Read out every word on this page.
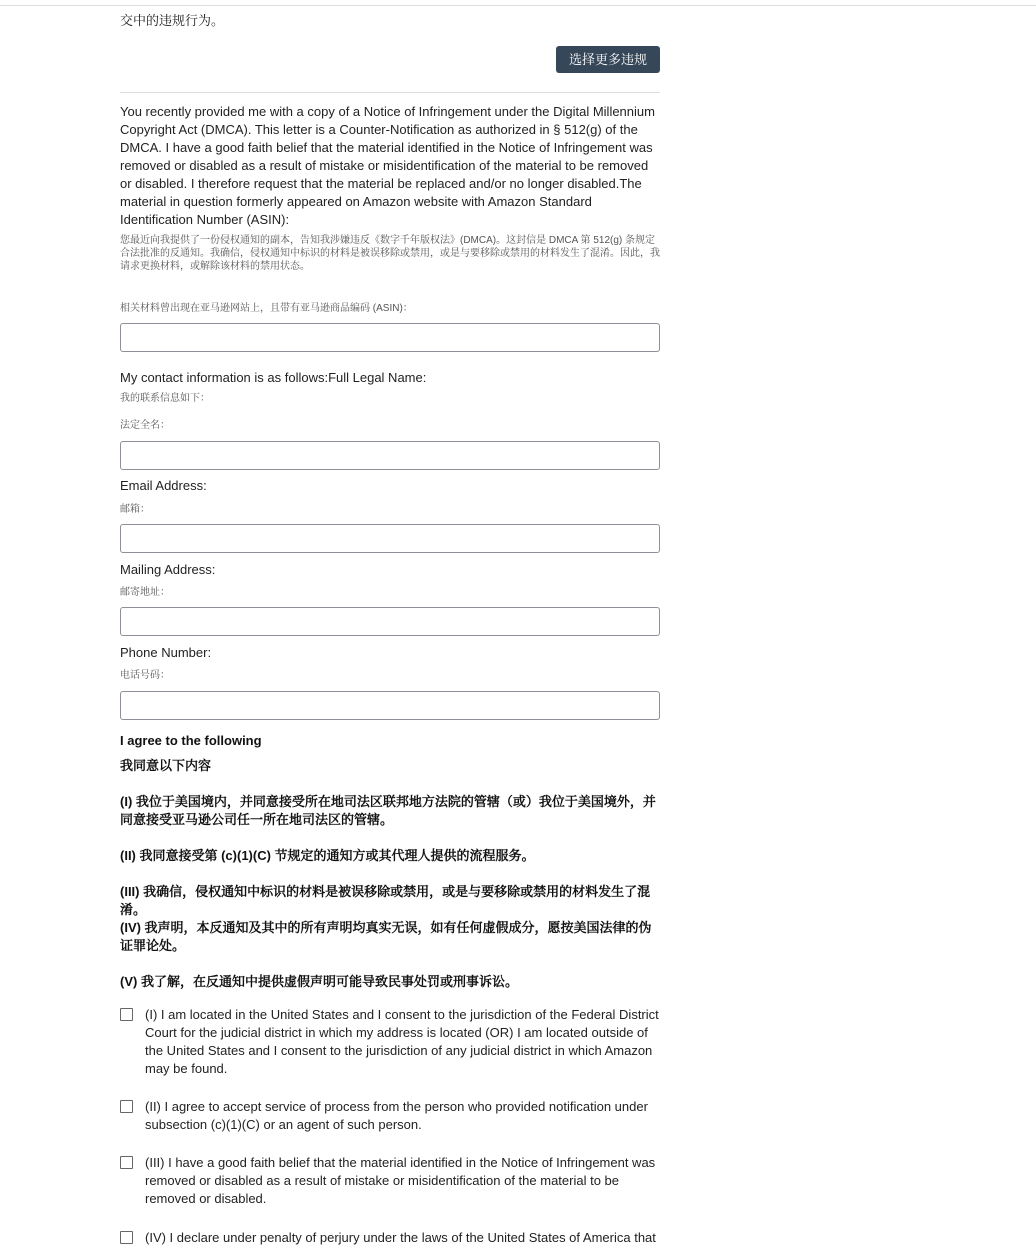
交中的违规行为。

选择更多违规

You recently provided me with a copy of a Notice of Infringement under the Digital Millennium Copyright Act (DMCA). This letter is a Counter-Notification as authorized in § 512(g) of the DMCA. I have a good faith belief that the material identified in the Notice of Infringement was removed or disabled as a result of mistake or misidentification of the material to be removed or disabled. I therefore request that the material be replaced and/or no longer disabled.The material in question formerly appeared on Amazon website with Amazon Standard Identification Number (ASIN):

您最近向我提供了一份侵权通知的副本，告知我涉嫌违反《数字千年版权法》(DMCA)。这封信是 DMCA 第 512(g) 条规定合法批准的反通知。我确信，侵权通知中标识的材料是被误移除或禁用，或是与要移除或禁用的材料发生了混淆。因此，我请求更换材料，或解除该材料的禁用状态。

相关材料曾出现在亚马逊网站上，且带有亚马逊商品编码 (ASIN)：

My contact information is as follows:Full Legal Name:

我的联系信息如下：

法定全名：

Email Address:

邮箱：

Mailing Address:

邮寄地址：

Phone Number:

电话号码：

I agree to the following

我同意以下内容

(I) 我位于美国境内，并同意接受所在地司法区联邦地方法院的管辖（或）我位于美国境外，并同意接受亚马逊公司任一所在地司法区的管辖。

(II) 我同意接受第 (c)(1)(C) 节规定的通知方或其代理人提供的流程服务。

(III) 我确信，侵权通知中标识的材料是被误移除或禁用，或是与要移除或禁用的材料发生了混淆。

(IV) 我声明，本反通知及其中的所有声明均真实无误，如有任何虚假成分，愿按美国法律的伪证罪论处。

(V) 我了解，在反通知中提供虚假声明可能导致民事处罚或刑事诉讼。

(I) I am located in the United States and I consent to the jurisdiction of the Federal District Court for the judicial district in which my address is located (OR) I am located outside of the United States and I consent to the jurisdiction of any judicial district in which Amazon may be found.

(II) I agree to accept service of process from the person who provided notification under subsection (c)(1)(C) or an agent of such person.

(III) I have a good faith belief that the material identified in the Notice of Infringement was removed or disabled as a result of mistake or misidentification of the material to be removed or disabled.

(IV) I declare under penalty of perjury under the laws of the United States of America that
